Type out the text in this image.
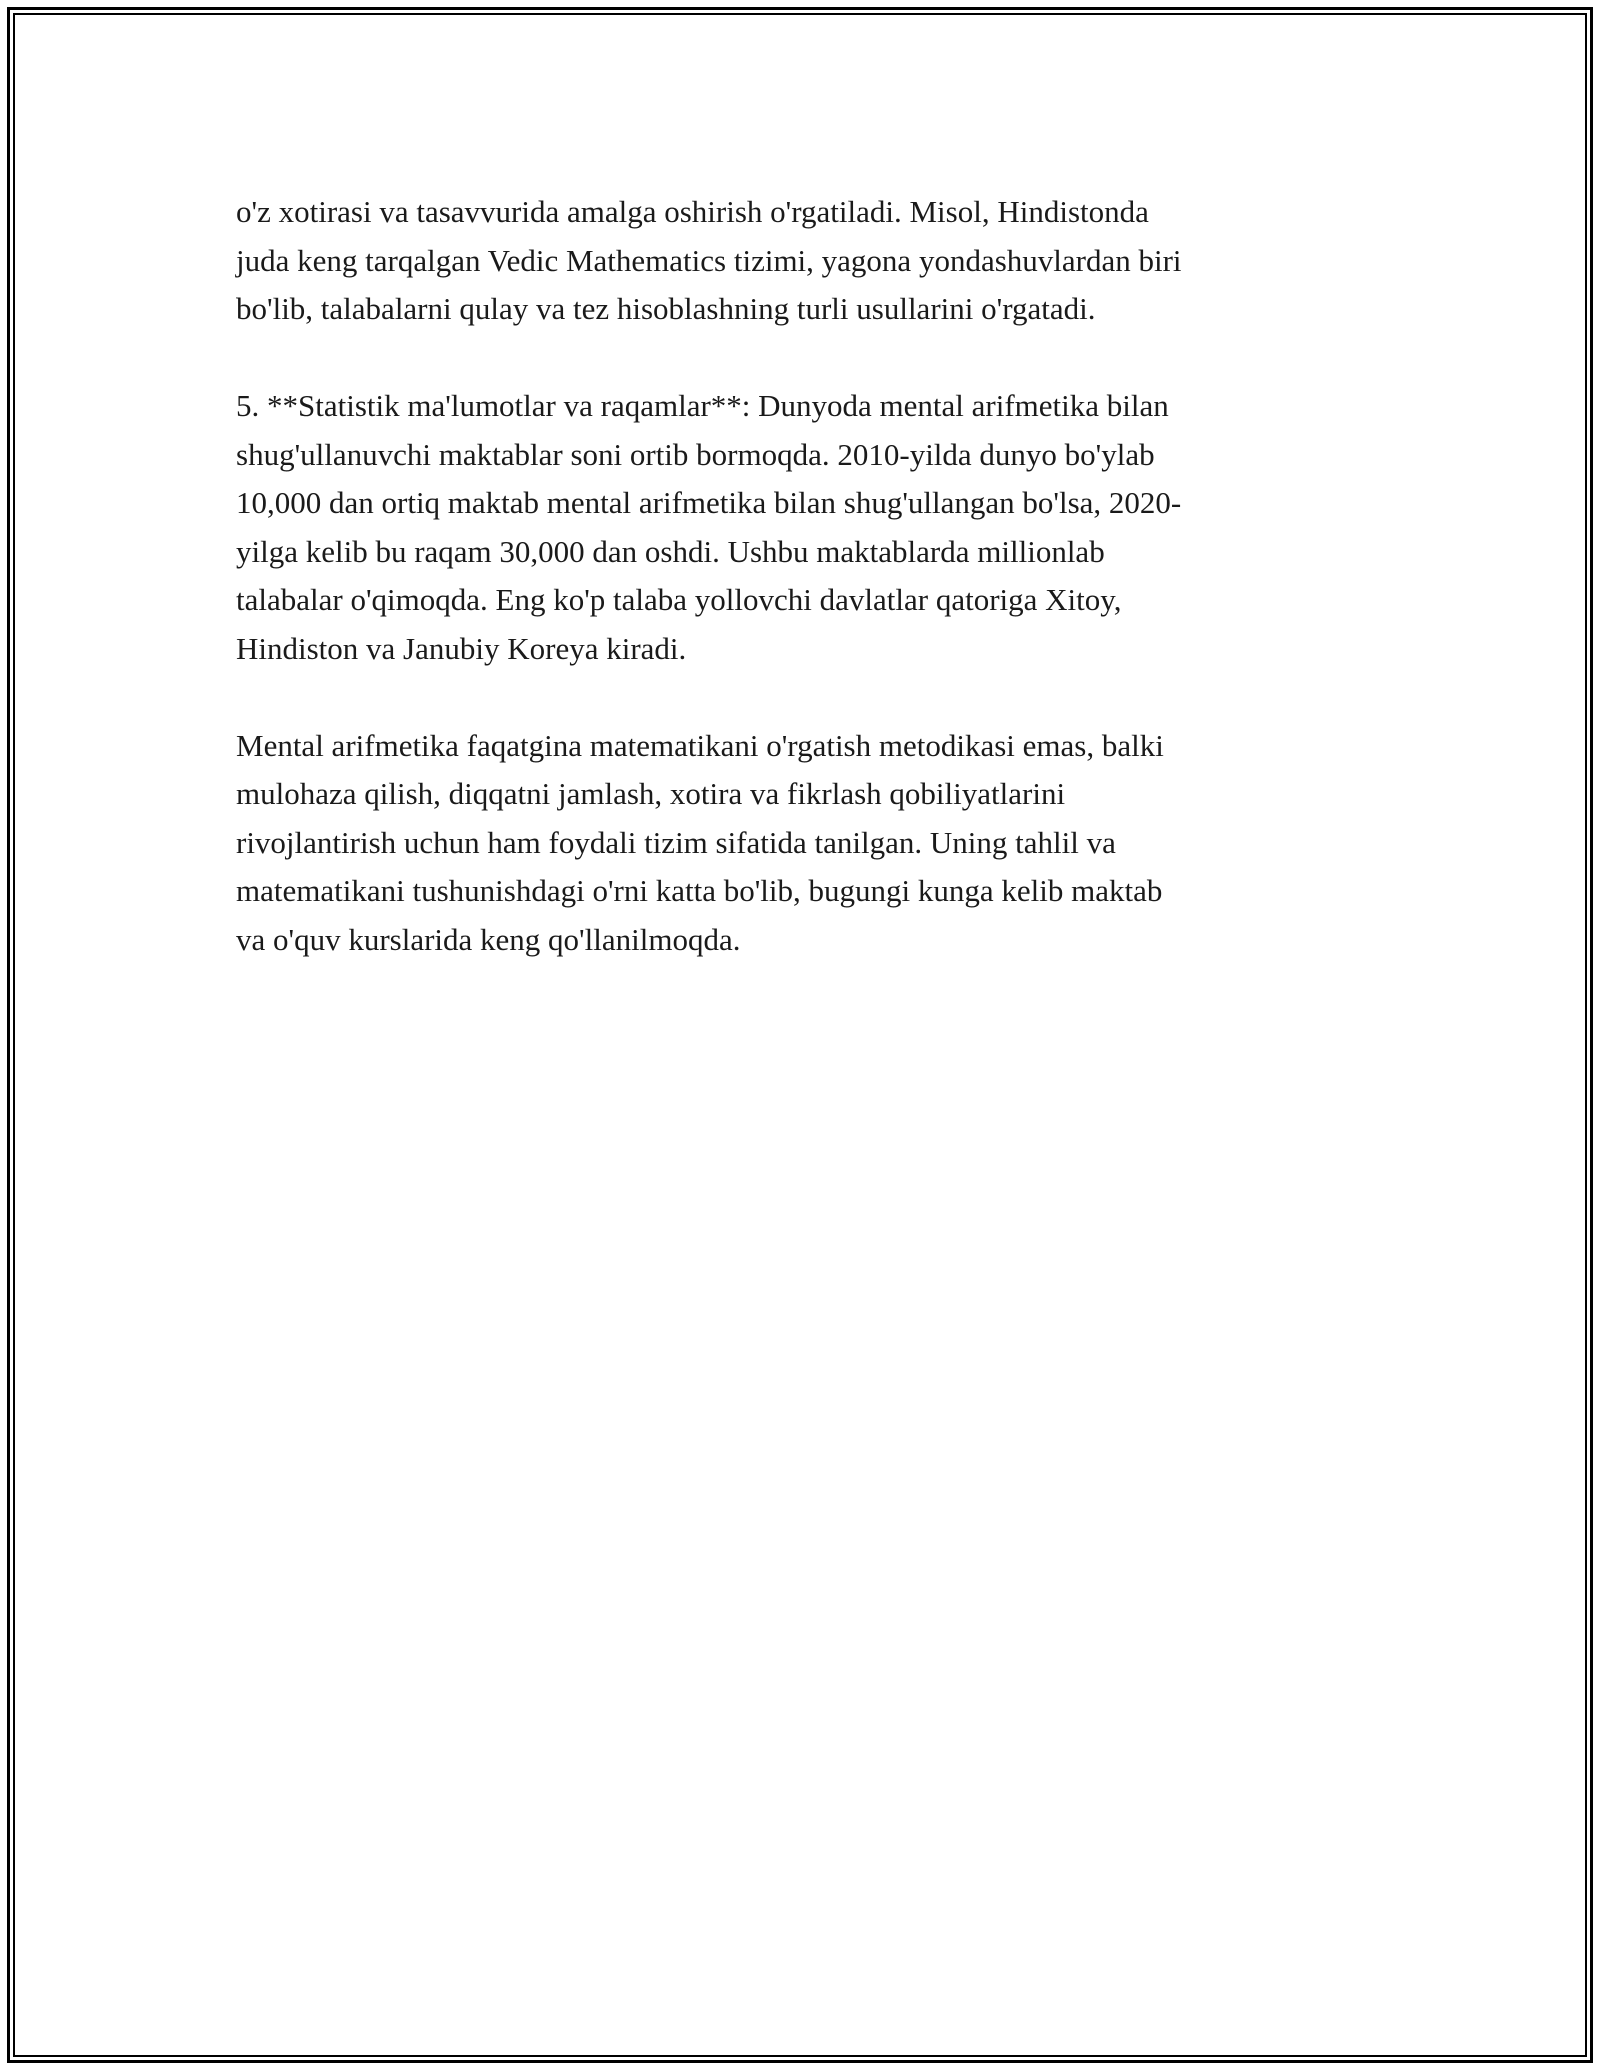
o'z xotirasi va tasavvurida amalga oshirish o'rgatiladi. Misol, Hindistonda
juda keng tarqalgan Vedic Mathematics tizimi, yagona yondashuvlardan biri
bo'lib, talabalarni qulay va tez hisoblashning turli usullarini o'rgatadi.

5. **Statistik ma'lumotlar va raqamlar**: Dunyoda mental arifmetika bilan
shug'ullanuvchi maktablar soni ortib bormoqda. 2010-yilda dunyo bo'ylab
10,000 dan ortiq maktab mental arifmetika bilan shug'ullangan bo'lsa, 2020-
yilga kelib bu raqam 30,000 dan oshdi. Ushbu maktablarda millionlab
talabalar o'qimoqda. Eng ko'p talaba yollovchi davlatlar qatoriga Xitoy,
Hindiston va Janubiy Koreya kiradi.

Mental arifmetika faqatgina matematikani o'rgatish metodikasi emas, balki
mulohaza qilish, diqqatni jamlash, xotira va fikrlash qobiliyatlarini
rivojlantirish uchun ham foydali tizim sifatida tanilgan. Uning tahlil va
matematikani tushunishdagi o'rni katta bo'lib, bugungi kunga kelib maktab
va o'quv kurslarida keng qo'llanilmoqda.
